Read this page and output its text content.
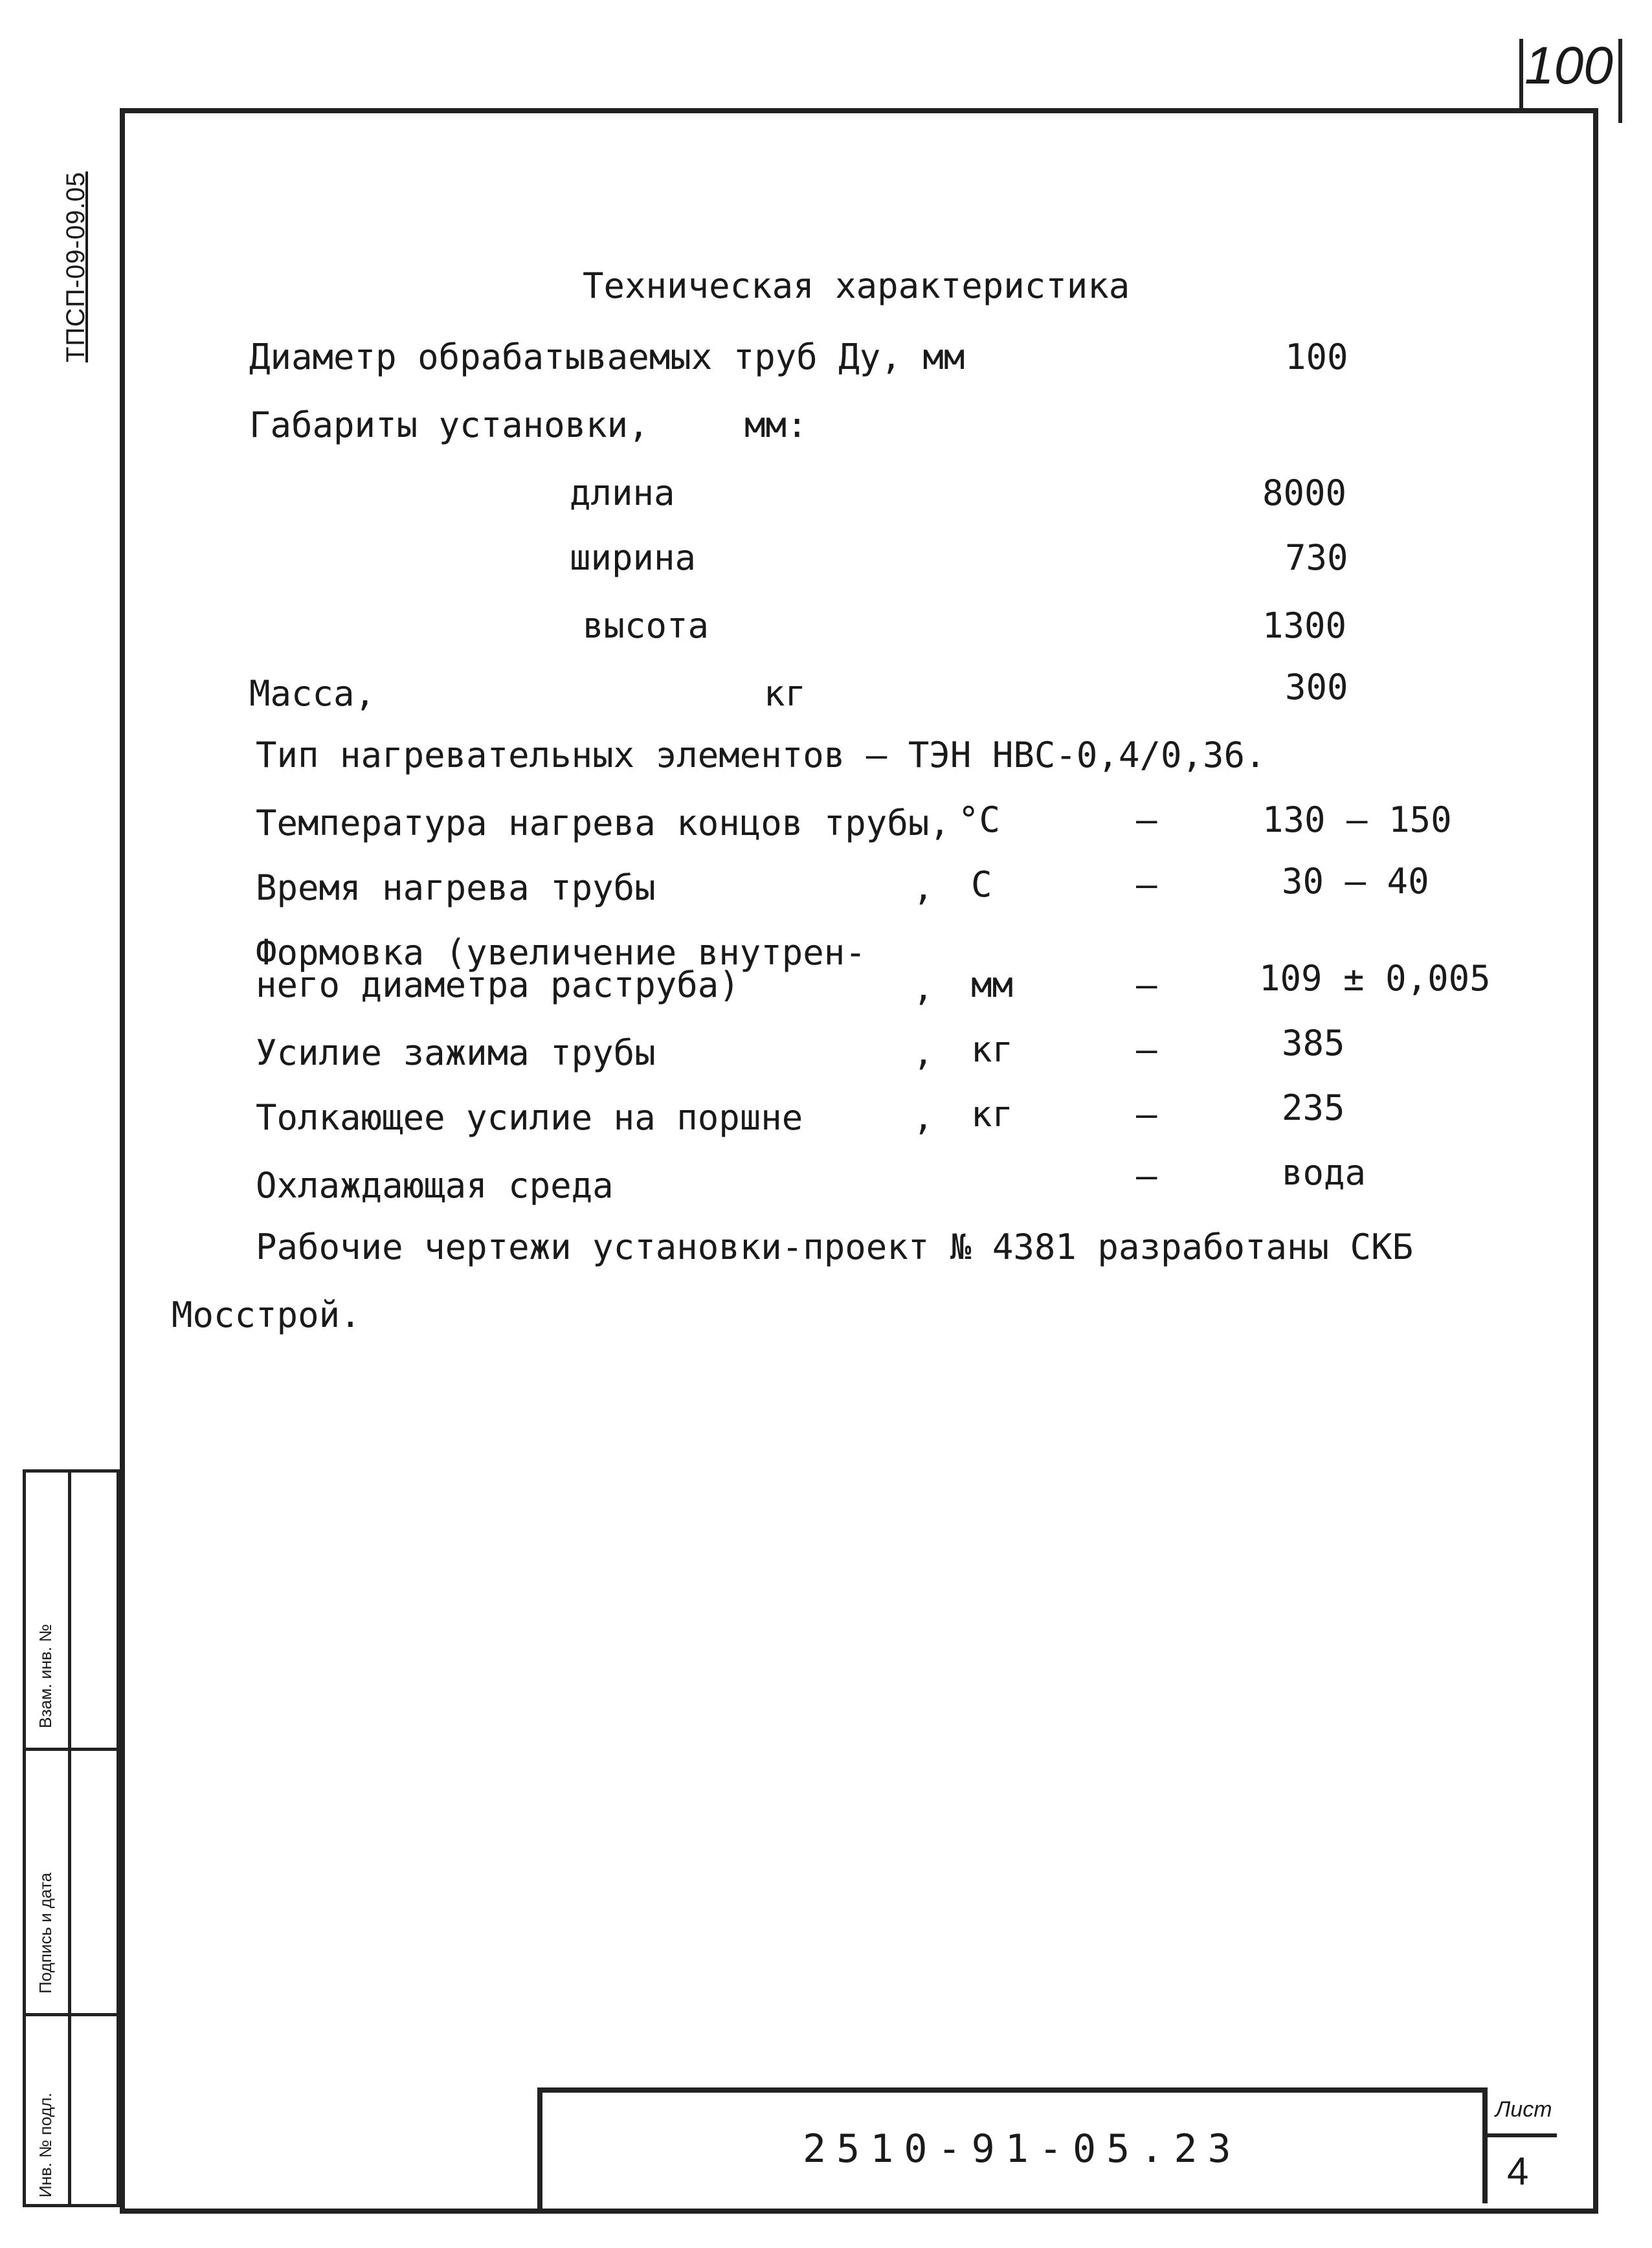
100
ТПСП-09-09.05	Техническая характеристика
Диаметр обрабатываемых труб Ду, мм	100
Габариты установки,	мм:
длина	8000
ширина	730
высота	1300
Масса,	кг	300
Тип нагревательных элементов – ТЭН НВС-0,4/0,36.
Температура нагрева концов трубы, °С	–	130 – 150
Время нагрева трубы	, С	–	30 – 40
Формовка (увеличение внутрен-
него диаметра раструба)	, мм	–	109 ± 0,005
Усилие зажима трубы	, кг	–	385
Толкающее усилие на поршне	, кг	–	235
Охлаждающая среда	–	вода
Рабочие чертежи установки-проект № 4381 разработаны СКБ
Мосстрой.
Взам. инв. №
Подпись и дата
Инв. № подл.	2510-91-05.23
Лист
4
